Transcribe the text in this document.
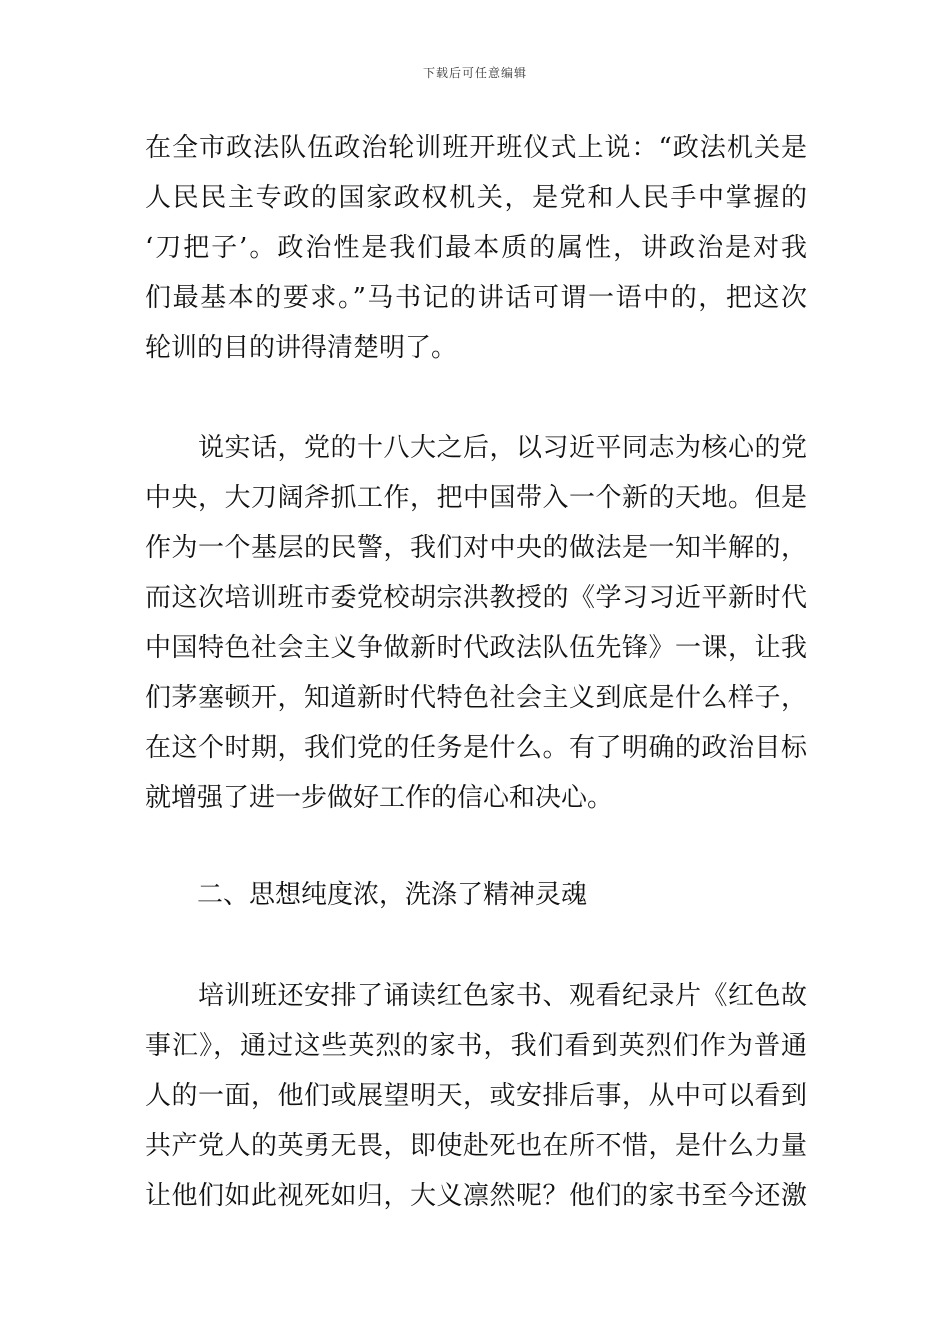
下载后可任意编辑
在全市政法队伍政治轮训班开班仪式上说：“政法机关是
人民民主专政的国家政权机关，是党和人民手中掌握的
‘刀把子’。政治性是我们最本质的属性，讲政治是对我
们最基本的要求。”马书记的讲话可谓一语中的，把这次
轮训的目的讲得清楚明了。
　　说实话，党的十八大之后，以习近平同志为核心的党
中央，大刀阔斧抓工作，把中国带入一个新的天地。但是
作为一个基层的民警，我们对中央的做法是一知半解的，
而这次培训班市委党校胡宗洪教授的《学习习近平新时代
中国特色社会主义争做新时代政法队伍先锋》一课，让我
们茅塞顿开，知道新时代特色社会主义到底是什么样子，
在这个时期，我们党的任务是什么。有了明确的政治目标
就增强了进一步做好工作的信心和决心。
　　二、思想纯度浓，洗涤了精神灵魂
　　培训班还安排了诵读红色家书、观看纪录片《红色故
事汇》，通过这些英烈的家书，我们看到英烈们作为普通
人的一面，他们或展望明天，或安排后事，从中可以看到
共产党人的英勇无畏，即使赴死也在所不惜，是什么力量
让他们如此视死如归，大义凛然呢？他们的家书至今还激
